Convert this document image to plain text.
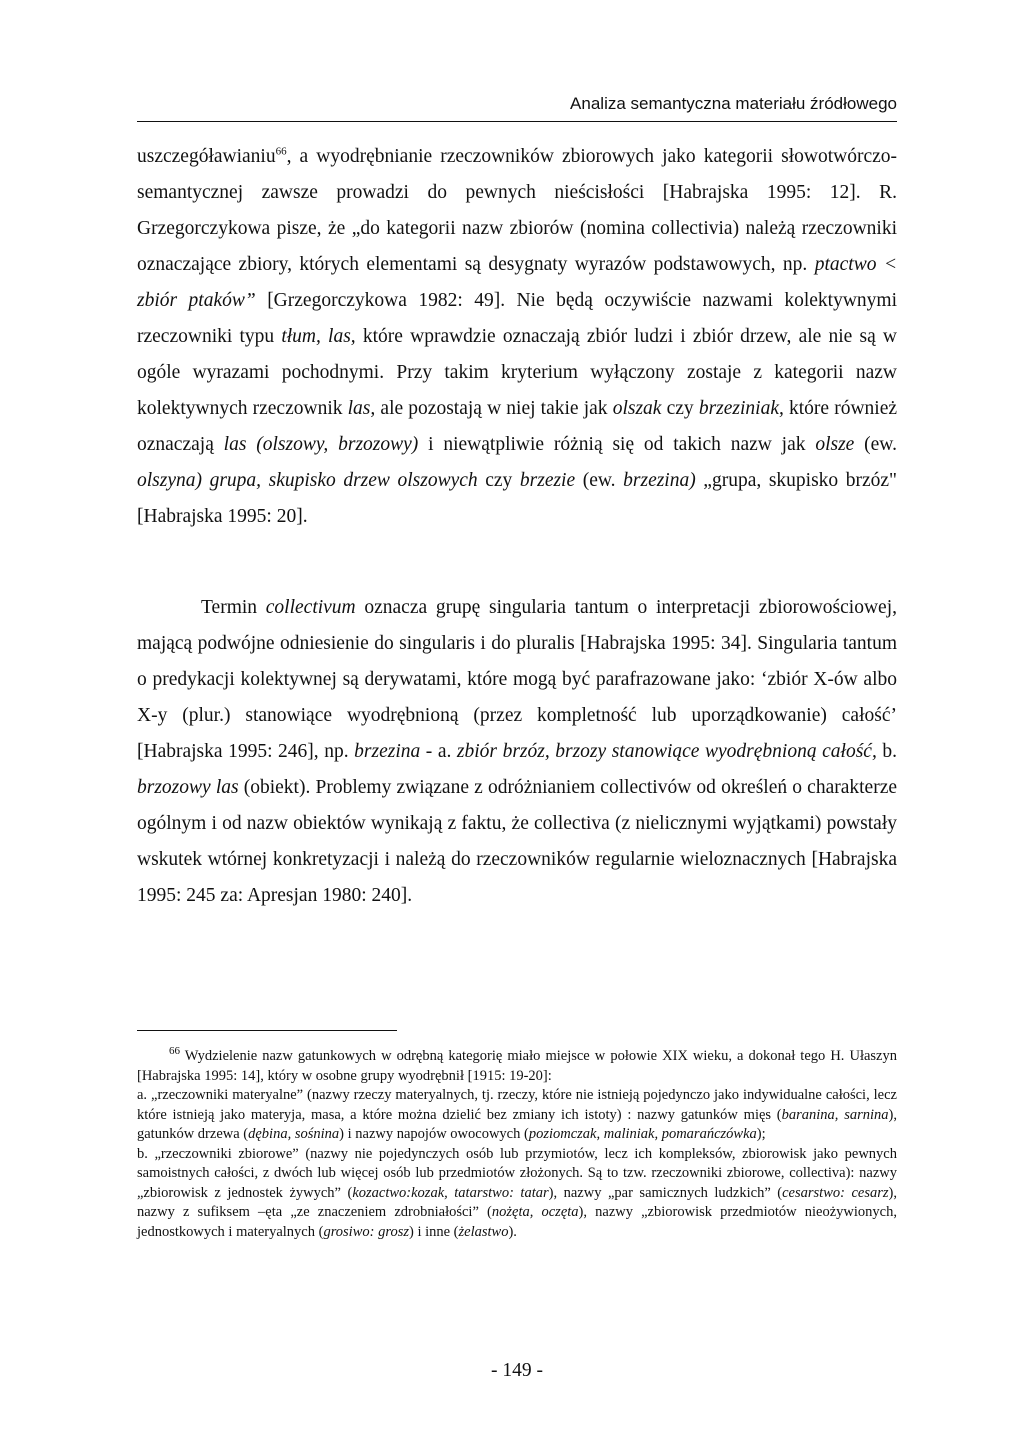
Analiza semantyczna materiału źródłowego

uszczegóławianiu$^{66}$, a wyodrębnianie rzeczowników zbiorowych jako kategorii słowotwórczo-semantycznej zawsze prowadzi do pewnych nieścisłości [Habrajska 1995: 12]. R. Grzegorczykowa pisze, że „do kategorii nazw zbiorów (nomina collectivia) należą rzeczowniki oznaczające zbiory, których elementami są desygnaty wyrazów podstawowych, np. ptactwo < zbiór ptaków” [Grzegorczykowa 1982: 49]. Nie będą oczywiście nazwami kolektywnymi rzeczowniki typu tłum, las, które wprawdzie oznaczają zbiór ludzi i zbiór drzew, ale nie są w ogóle wyrazami pochodnymi. Przy takim kryterium wyłączony zostaje z kategorii nazw kolektywnych rzeczownik las, ale pozostają w niej takie jak olszak czy brzeziniak, które również oznaczają las (olszowy, brzozowy) i niewątpliwie różnią się od takich nazw jak olsze (ew. olszyna) grupa, skupisko drzew olszowych czy brzezie (ew. brzezina) „grupa, skupisko brzóz" [Habrajska 1995: 20].

Termin collectivum oznacza grupę singularia tantum o interpretacji zbiorowościowej, mającą podwójne odniesienie do singularis i do pluralis [Habrajska 1995: 34]. Singularia tantum o predykacji kolektywnej są derywatami, które mogą być parafrazowane jako: ‘zbiór X-ów albo X-y (plur.) stanowiące wyodrębnioną (przez kompletność lub uporządkowanie) całość’ [Habrajska 1995: 246], np. brzezina - a. zbiór brzóz, brzozy stanowiące wyodrębnioną całość, b. brzozowy las (obiekt). Problemy związane z odróżnianiem collectivów od określeń o charakterze ogólnym i od nazw obiektów wynikają z faktu, że collectiva (z nielicznymi wyjątkami) powstały wskutek wtórnej konkretyzacji i należą do rzeczowników regularnie wieloznacznych [Habrajska 1995: 245 za: Apresjan 1980: 240].

$^{66}$ Wydzielenie nazw gatunkowych w odrębną kategorię miało miejsce w połowie XIX wieku, a dokonał tego H. Ułaszyn [Habrajska 1995: 14], który w osobne grupy wyodrębnił [1915: 19-20]:
a. „rzeczowniki materyalne” (nazwy rzeczy materyalnych, tj. rzeczy, które nie istnieją pojedynczo jako indywidualne całości, lecz które istnieją jako materyja, masa, a które można dzielić bez zmiany ich istoty) : nazwy gatunków mięs (baranina, sarnina), gatunków drzewa (dębina, sośnina) i nazwy napojów owocowych (poziomczak, maliniak, pomarańczówka);
b. „rzeczowniki zbiorowe” (nazwy nie pojedynczych osób lub przymiotów, lecz ich kompleksów, zbiorowisk jako pewnych samoistnych całości, z dwóch lub więcej osób lub przedmiotów złożonych. Są to tzw. rzeczowniki zbiorowe, collectiva): nazwy „zbiorowisk z jednostek żywych” (kozactwo:kozak, tatarstwo: tatar), nazwy „par samicznych ludzkich” (cesarstwo: cesarz), nazwy z sufiksem –ęta „ze znaczeniem zdrobniałości” (nożęta, oczęta), nazwy „zbiorowisk przedmiotów nieożywionych, jednostkowych i materyalnych (grosiwo: grosz) i inne (żelastwo).
- 149 -
